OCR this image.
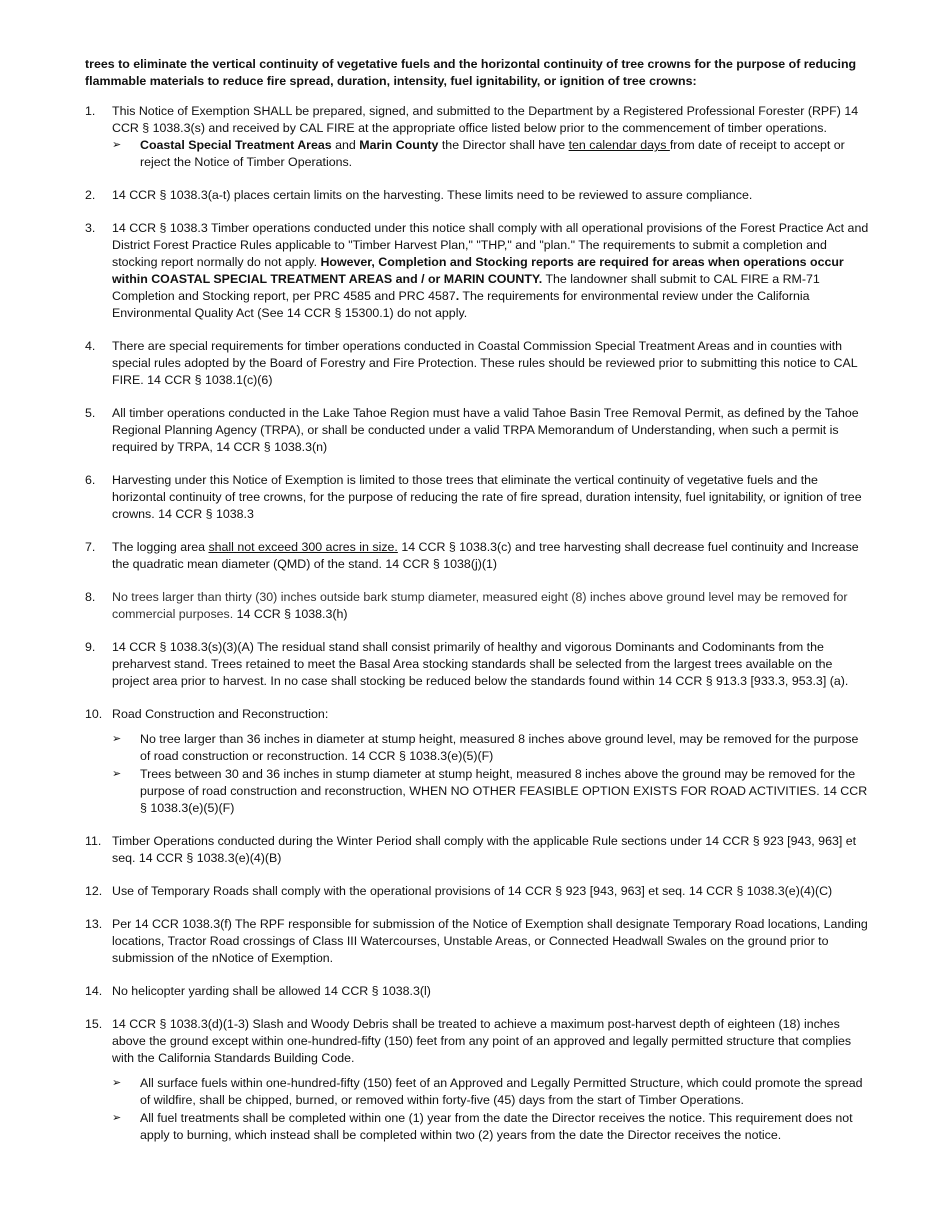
trees to eliminate the vertical continuity of vegetative fuels and the horizontal continuity of tree crowns for the purpose of reducing flammable materials to reduce fire spread, duration, intensity, fuel ignitability, or ignition of tree crowns:

1.	This Notice of Exemption SHALL be prepared, signed, and submitted to the Department by a Registered Professional Forester (RPF) 14 CCR § 1038.3(s) and received by CAL FIRE at the appropriate office listed below prior to the commencement of timber operations.

➢	Coastal Special Treatment Areas and Marin County the Director shall have ten calendar days from date of receipt to accept or reject the Notice of Timber Operations.
2.	14 CCR § 1038.3(a-t) places certain limits on the harvesting. These limits need to be reviewed to assure compliance.

3.	14 CCR § 1038.3 Timber operations conducted under this notice shall comply with all operational provisions of the Forest Practice Act and District Forest Practice Rules applicable to "Timber Harvest Plan," "THP," and "plan." The requirements to submit a completion and stocking report normally do not apply. However, Completion and Stocking reports are required for areas when operations occur within COASTAL SPECIAL TREATMENT AREAS and / or MARIN COUNTY. The landowner shall submit to CAL FIRE a RM-71 Completion and Stocking report, per PRC 4585 and PRC 4587. The requirements for environmental review under the California Environmental Quality Act (See 14 CCR § 15300.1) do not apply.

4.	There are special requirements for timber operations conducted in Coastal Commission Special Treatment Areas and in counties with special rules adopted by the Board of Forestry and Fire Protection. These rules should be reviewed prior to submitting this notice to CAL FIRE. 14 CCR § 1038.1(c)(6)

5.	All timber operations conducted in the Lake Tahoe Region must have a valid Tahoe Basin Tree Removal Permit, as defined by the Tahoe Regional Planning Agency (TRPA), or shall be conducted under a valid TRPA Memorandum of Understanding, when such a permit is required by TRPA, 14 CCR § 1038.3(n)

6.	Harvesting under this Notice of Exemption is limited to those trees that eliminate the vertical continuity of vegetative fuels and the horizontal continuity of tree crowns, for the purpose of reducing the rate of fire spread, duration intensity, fuel ignitability, or ignition of tree crowns. 14 CCR § 1038.3

7.	The logging area shall not exceed 300 acres in size. 14 CCR § 1038.3(c) and tree harvesting shall decrease fuel continuity and Increase the quadratic mean diameter (QMD) of the stand. 14 CCR § 1038(j)(1)

8.	No trees larger than thirty (30) inches outside bark stump diameter, measured eight (8) inches above ground level may be removed for commercial purposes. 14 CCR § 1038.3(h)

9.	14 CCR § 1038.3(s)(3)(A) The residual stand shall consist primarily of healthy and vigorous Dominants and Codominants from the preharvest stand. Trees retained to meet the Basal Area stocking standards shall be selected from the largest trees available on the project area prior to harvest. In no case shall stocking be reduced below the standards found within 14 CCR § 913.3 [933.3, 953.3] (a).

10. Road Construction and Reconstruction:

➢	No tree larger than 36 inches in diameter at stump height, measured 8 inches above ground level, may be removed for the purpose of road construction or reconstruction. 14 CCR § 1038.3(e)(5)(F)
➢	Trees between 30 and 36 inches in stump diameter at stump height, measured 8 inches above the ground may be removed for the purpose of road construction and reconstruction, WHEN NO OTHER FEASIBLE OPTION EXISTS FOR ROAD ACTIVITIES. 14 CCR § 1038.3(e)(5)(F)
11. Timber Operations conducted during the Winter Period shall comply with the applicable Rule sections under 14 CCR § 923 [943, 963] et seq. 14 CCR § 1038.3(e)(4)(B)

12. Use of Temporary Roads shall comply with the operational provisions of 14 CCR § 923 [943, 963] et seq. 14 CCR § 1038.3(e)(4)(C)

13. Per 14 CCR 1038.3(f) The RPF responsible for submission of the Notice of Exemption shall designate Temporary Road locations, Landing locations, Tractor Road crossings of Class III Watercourses, Unstable Areas, or Connected Headwall Swales on the ground prior to submission of the nNotice of Exemption.

14. No helicopter yarding shall be allowed 14 CCR § 1038.3(l)

15. 14 CCR § 1038.3(d)(1-3) Slash and Woody Debris shall be treated to achieve a maximum post-harvest depth of eighteen (18) inches above the ground except within one-hundred-fifty (150) feet from any point of an approved and legally permitted structure that complies with the California Standards Building Code.

➢	All surface fuels within one-hundred-fifty (150) feet of an Approved and Legally Permitted Structure, which could promote the spread of wildfire, shall be chipped, burned, or removed within forty-five (45) days from the start of Timber Operations.
➢	All fuel treatments shall be completed within one (1) year from the date the Director receives the notice. This requirement does not apply to burning, which instead shall be completed within two (2) years from the date the Director receives the notice.
